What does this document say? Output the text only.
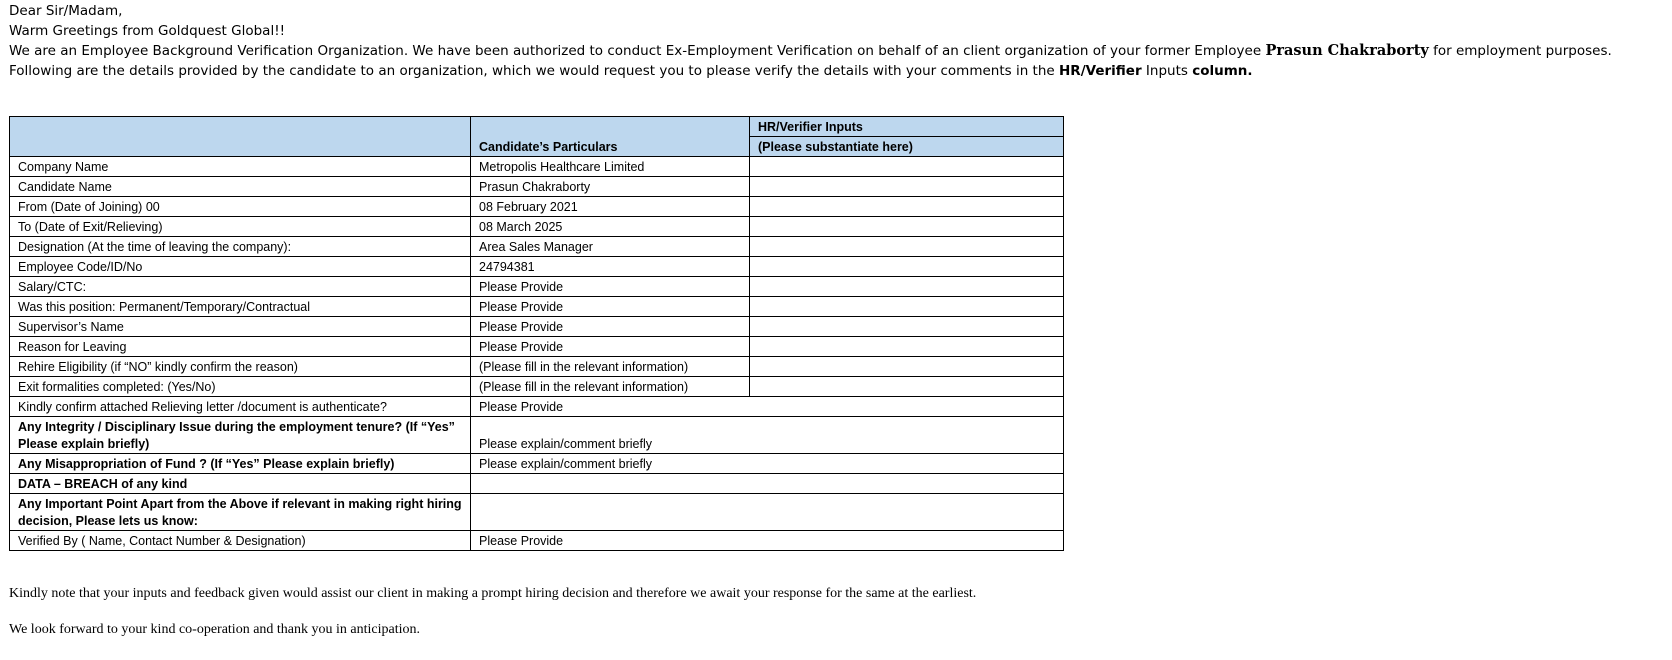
Dear Sir/Madam,
Warm Greetings from Goldquest Global!!
We are an Employee Background Verification Organization. We have been authorized to conduct Ex-Employment Verification on behalf of an client organization of your former Employee Prasun Chakraborty for employment purposes.
Following are the details provided by the candidate to an organization, which we would request you to please verify the details with your comments in the HR/Verifier Inputs column.
	Candidate’s Particulars	HR/Verifier Inputs
		(Please substantiate here)
Company Name	Metropolis Healthcare Limited	
Candidate Name	Prasun Chakraborty	
From (Date of Joining) 00	08 February 2021	
To (Date of Exit/Relieving)	08 March 2025	
Designation (At the time of leaving the company):	Area Sales Manager	
Employee Code/ID/No	24794381	
Salary/CTC:	Please Provide	
Was this position: Permanent/Temporary/Contractual	Please Provide	
Supervisor’s Name	Please Provide	
Reason for Leaving	Please Provide	
Rehire Eligibility (if “NO” kindly confirm the reason)	(Please fill in the relevant information)	
Exit formalities completed: (Yes/No)	(Please fill in the relevant information)	
Kindly confirm attached Relieving letter /document is authenticate?	Please Provide	
Any Integrity / Disciplinary Issue during the employment tenure? (If “Yes” Please explain briefly)	Please explain/comment briefly	
Any Misappropriation of Fund ? (If “Yes” Please explain briefly)	Please explain/comment briefly	
DATA – BREACH of any kind		
Any Important Point Apart from the Above if relevant in making right hiring decision, Please lets us know:		
Verified By ( Name, Contact Number & Designation)	Please Provide	
Kindly note that your inputs and feedback given would assist our client in making a prompt hiring decision and therefore we await your response for the same at the earliest.
We look forward to your kind co-operation and thank you in anticipation.
